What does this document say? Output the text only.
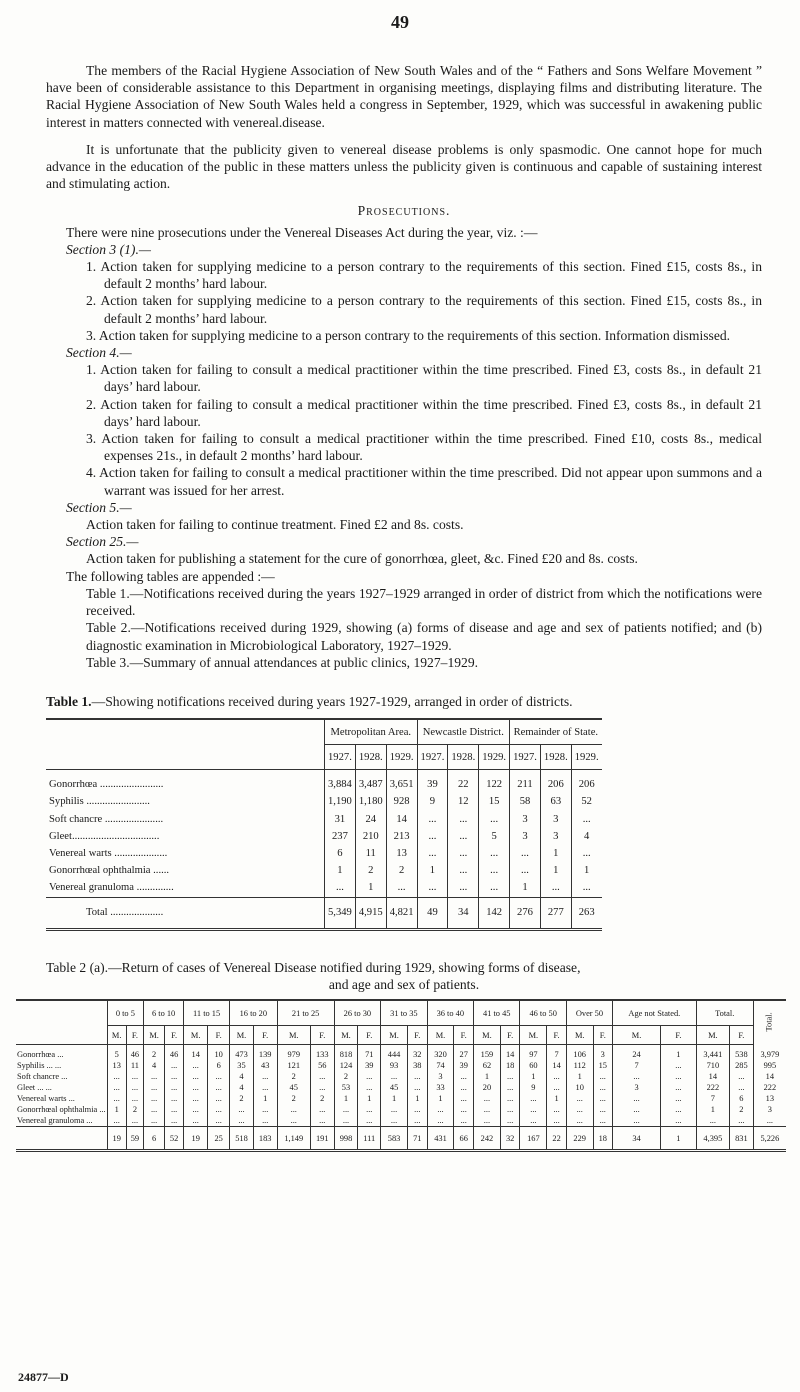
49

The members of the Racial Hygiene Association of New South Wales and of the “ Fathers and Sons Welfare Movement ” have been of considerable assistance to this Department in organising meetings, displaying films and distributing literature. The Racial Hygiene Association of New South Wales held a congress in September, 1929, which was successful in awakening public interest in matters connected with venereal.disease.

It is unfortunate that the publicity given to venereal disease problems is only spasmodic. One cannot hope for much advance in the education of the public in these matters unless the publicity given is continuous and capable of sustaining interest and stimulating action.

Prosecutions.

There were nine prosecutions under the Venereal Diseases Act during the year, viz. :—

Section 3 (1).—

1. Action taken for supplying medicine to a person contrary to the requirements of this section. Fined £15, costs 8s., in default 2 months’ hard labour.

2. Action taken for supplying medicine to a person contrary to the requirements of this section. Fined £15, costs 8s., in default 2 months’ hard labour.

3. Action taken for supplying medicine to a person contrary to the requirements of this section. Information dismissed.

Section 4.—

1. Action taken for failing to consult a medical practitioner within the time prescribed. Fined £3, costs 8s., in default 21 days’ hard labour.

2. Action taken for failing to consult a medical practitioner within the time prescribed. Fined £3, costs 8s., in default 21 days’ hard labour.

3. Action taken for failing to consult a medical practitioner within the time prescribed. Fined £10, costs 8s., medical expenses 21s., in default 2 months’ hard labour.

4. Action taken for failing to consult a medical practitioner within the time prescribed. Did not appear upon summons and a warrant was issued for her arrest.

Section 5.—

Action taken for failing to continue treatment. Fined £2 and 8s. costs.

Section 25.—

Action taken for publishing a statement for the cure of gonorrhœa, gleet, &c. Fined £20 and 8s. costs.

The following tables are appended :—

Table 1.—Notifications received during the years 1927–1929 arranged in order of district from which the notifications were received.

Table 2.—Notifications received during 1929, showing (a) forms of disease and age and sex of patients notified; and (b) diagnostic examination in Microbiological Laboratory, 1927–1929.

Table 3.—Summary of annual attendances at public clinics, 1927–1929.

Table 1.—Showing notifications received during years 1927-1929, arranged in order of districts.

	Metropolitan Area.			Newcastle District.			Remainder of State.		
	1927.	1928.	1929.	1927.	1928.	1929.	1927.	1928.	1929.
Gonorrhœa ........................	3,884	3,487	3,651	39	22	122	211	206	206
Syphilis ........................	1,190	1,180	928	9	12	15	58	63	52
Soft chancre ......................	31	24	14	...	...	...	3	3	...
Gleet.................................	237	210	213	...	...	5	3	3	4
Venereal warts ....................	6	11	13	...	...	...	...	1	...
Gonorrhœal ophthalmia ......	1	2	2	1	...	...	...	1	1
Venereal granuloma ..............	...	1	...	...	...	...	1	...	...
Total ....................	5,349	4,915	4,821	49	34	142	276	277	263

Table 2 (a).—Return of cases of Venereal Disease notified during 1929, showing forms of disease,

and age and sex of patients.

	0 to 5		6 to 10		11 to 15		16 to 20		21 to 25		26 to 30		31 to 35		36 to 40		41 to 45		46 to 50		Over 50		Age not Stated.		Total.		Total.
	M.	F.	M.	F.	M.	F.	M.	F.	M.	F.	M.	F.	M.	F.	M.	F.	M.	F.	M.	F.	M.	F.	M.	F.	M.	F.	
Gonorrhœa ...	5	46	2	46	14	10	473	139	979	133	818	71	444	32	320	27	159	14	97	7	106	3	24	1	3,441	538	3,979
Syphilis ... ...	13	11	4	...	...	6	35	43	121	56	124	39	93	38	74	39	62	18	60	14	112	15	7	...	710	285	995
Soft chancre ...	...	...	...	...	...	...	4	...	2	...	2	...	...	...	3	...	1	...	1	...	1	...	...	...	14	...	14
Gleet ... ...	...	...	...	...	...	...	4	...	45	...	53	...	45	...	33	...	20	...	9	...	10	...	3	...	222	...	222
Venereal warts ...	...	...	...	...	...	...	2	1	2	2	1	1	1	1	1	...	...	...	...	1	...	...	...	...	7	6	13
Gonorrhœal ophthalmia ...	1	2	...	...	...	...	...	...	...	...	...	...	...	...	...	...	...	...	...	...	...	...	...	...	1	2	3
Venereal granuloma ...	...	...	...	...	...	...	...	...	...	...	...	...	...	...	...	...	...	...	...	...	...	...	...	...	...	...	...
	19	59	6	52	19	25	518	183	1,149	191	998	111	583	71	431	66	242	32	167	22	229	18	34	1	4,395	831	5,226
24877—D
